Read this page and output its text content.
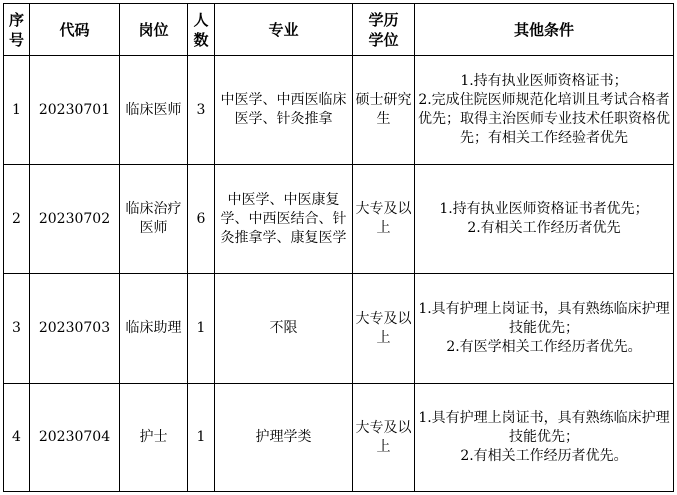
序号	代码	岗位	人数	专业	学历学位	其他条件
1	20230701	临床医师	3	中医学、中西医临床医学、针灸推拿	硕士研究生	1.持有执业医师资格证书；
2.完成住院医师规范化培训且考试合格者优先；取得主治医师专业技术任职资格优先；有相关工作经验者优先

2	20230702	临床治疗医师	6	中医学、中医康复学、中西医结合、针灸推拿学、康复医学	大专及以上	1.持有执业医师资格证书者优先；
2.有相关工作经历者优先

3	20230703	临床助理	1	不限	大专及以上	1.具有护理上岗证书，具有熟练临床护理技能优先；
2.有医学相关工作经历者优先。

4	20230704	护士	1	护理学类	大专及以上	1.具有护理上岗证书，具有熟练临床护理技能优先；
2.有相关工作经历者优先。
